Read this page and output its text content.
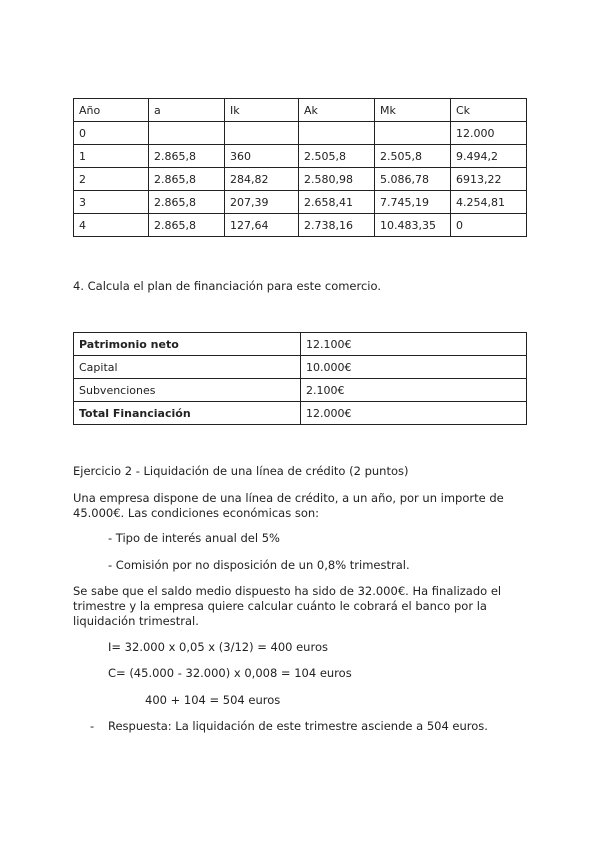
Año	a	Ik	Ak	Mk	Ck
0					12.000
1	2.865,8	360	2.505,8	2.505,8	9.494,2
2	2.865,8	284,82	2.580,98	5.086,78	6913,22
3	2.865,8	207,39	2.658,41	7.745,19	4.254,81
4	2.865,8	127,64	2.738,16	10.483,35	0
4. Calcula el plan de financiación para este comercio.
Patrimonio neto	12.100€
Capital	10.000€
Subvenciones	2.100€
Total Financiación	12.000€
Ejercicio 2 - Liquidación de una línea de crédito (2 puntos)
Una empresa dispone de una línea de crédito, a un año, por un importe de
45.000€. Las condiciones económicas son:
- Tipo de interés anual del 5%
- Comisión por no disposición de un 0,8% trimestral.
Se sabe que el saldo medio dispuesto ha sido de 32.000€. Ha finalizado el
trimestre y la empresa quiere calcular cuánto le cobrará el banco por la
liquidación trimestral.
I= 32.000 x 0,05 x (3/12) = 400 euros
C= (45.000 - 32.000) x 0,008 = 104 euros
400 + 104 = 504 euros
- Respuesta: La liquidación de este trimestre asciende a 504 euros.
